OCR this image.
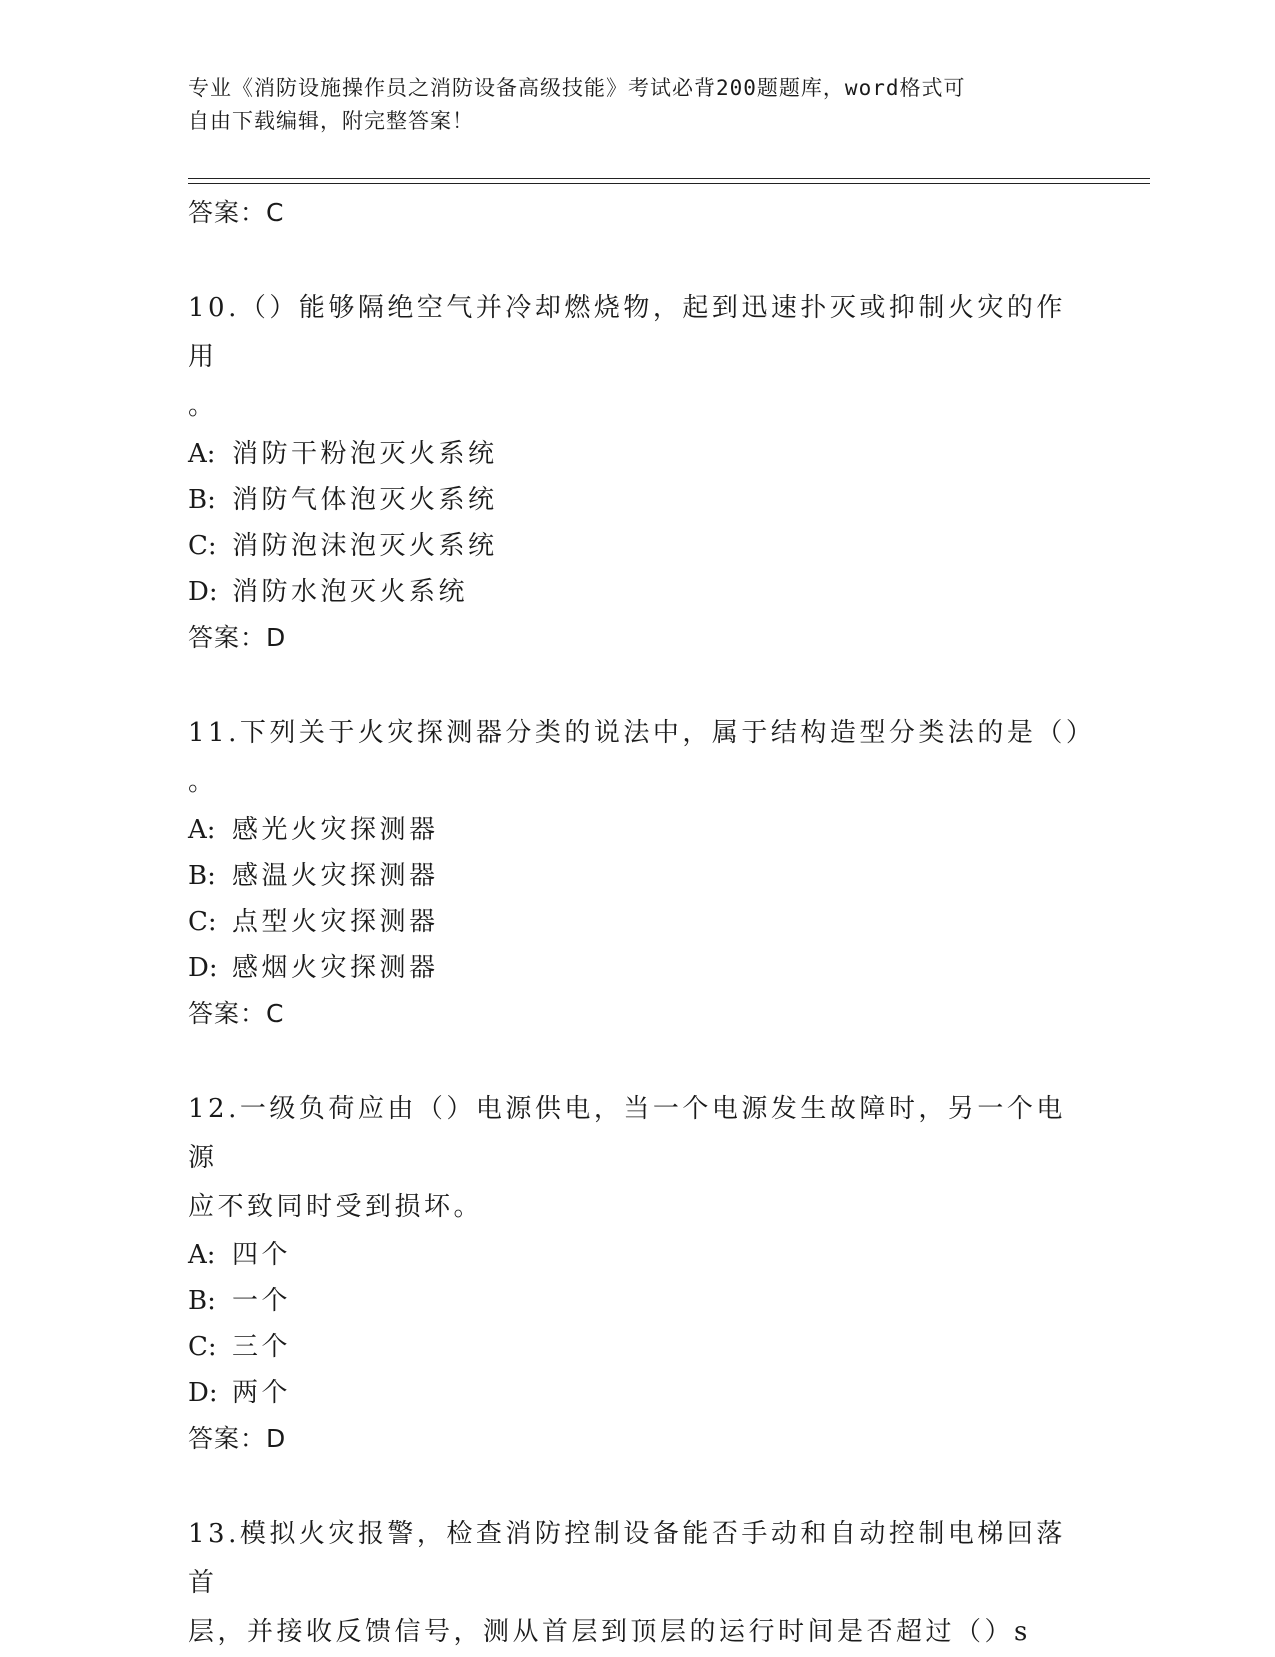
专业《消防设施操作员之消防设备高级技能》考试必背200题题库，word格式可
自由下载编辑，附完整答案！
答案：C
10.（）能够隔绝空气并冷却燃烧物，起到迅速扑灭或抑制火灾的作用
。
A: 消防干粉泡灭火系统
B: 消防气体泡灭火系统
C: 消防泡沫泡灭火系统
D: 消防水泡灭火系统
答案：D
11.下列关于火灾探测器分类的说法中，属于结构造型分类法的是（）
。
A: 感光火灾探测器
B: 感温火灾探测器
C: 点型火灾探测器
D: 感烟火灾探测器
答案：C
12.一级负荷应由（）电源供电，当一个电源发生故障时，另一个电源
应不致同时受到损坏。
A: 四个
B: 一个
C: 三个
D: 两个
答案：D
13.模拟火灾报警，检查消防控制设备能否手动和自动控制电梯回落首
层，并接收反馈信号，测从首层到顶层的运行时间是否超过（）s
